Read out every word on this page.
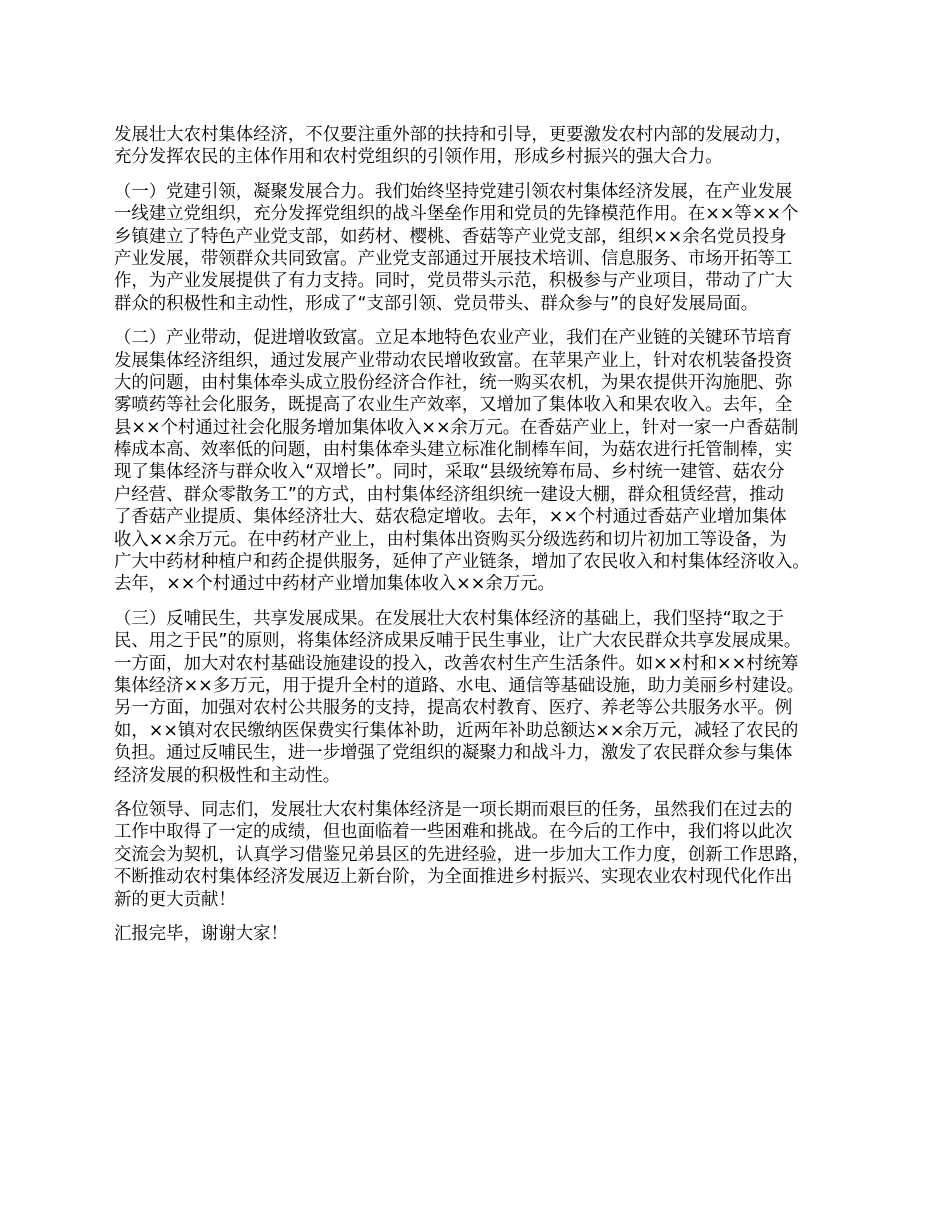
发展壮大农村集体经济，不仅要注重外部的扶持和引导，更要激发农村内部的发展动力，
充分发挥农民的主体作用和农村党组织的引领作用，形成乡村振兴的强大合力。
（一）党建引领，凝聚发展合力。我们始终坚持党建引领农村集体经济发展，在产业发展
一线建立党组织，充分发挥党组织的战斗堡垒作用和党员的先锋模范作用。在××等××个
乡镇建立了特色产业党支部，如药材、樱桃、香菇等产业党支部，组织××余名党员投身
产业发展，带领群众共同致富。产业党支部通过开展技术培训、信息服务、市场开拓等工
作，为产业发展提供了有力支持。同时，党员带头示范，积极参与产业项目，带动了广大
群众的积极性和主动性，形成了“支部引领、党员带头、群众参与”的良好发展局面。
（二）产业带动，促进增收致富。立足本地特色农业产业，我们在产业链的关键环节培育
发展集体经济组织，通过发展产业带动农民增收致富。在苹果产业上，针对农机装备投资
大的问题，由村集体牵头成立股份经济合作社，统一购买农机，为果农提供开沟施肥、弥
雾喷药等社会化服务，既提高了农业生产效率，又增加了集体收入和果农收入。去年，全
县××个村通过社会化服务增加集体收入××余万元。在香菇产业上，针对一家一户香菇制
棒成本高、效率低的问题，由村集体牵头建立标准化制棒车间，为菇农进行托管制棒，实
现了集体经济与群众收入“双增长”。同时，采取“县级统筹布局、乡村统一建管、菇农分
户经营、群众零散务工”的方式，由村集体经济组织统一建设大棚，群众租赁经营，推动
了香菇产业提质、集体经济壮大、菇农稳定增收。去年，××个村通过香菇产业增加集体
收入××余万元。在中药材产业上，由村集体出资购买分级选药和切片初加工等设备，为
广大中药材种植户和药企提供服务，延伸了产业链条，增加了农民收入和村集体经济收入。
去年，××个村通过中药材产业增加集体收入××余万元。
（三）反哺民生，共享发展成果。在发展壮大农村集体经济的基础上，我们坚持“取之于
民、用之于民”的原则，将集体经济成果反哺于民生事业，让广大农民群众共享发展成果。
一方面，加大对农村基础设施建设的投入，改善农村生产生活条件。如××村和××村统筹
集体经济××多万元，用于提升全村的道路、水电、通信等基础设施，助力美丽乡村建设。
另一方面，加强对农村公共服务的支持，提高农村教育、医疗、养老等公共服务水平。例
如，××镇对农民缴纳医保费实行集体补助，近两年补助总额达××余万元，减轻了农民的
负担。通过反哺民生，进一步增强了党组织的凝聚力和战斗力，激发了农民群众参与集体
经济发展的积极性和主动性。
各位领导、同志们，发展壮大农村集体经济是一项长期而艰巨的任务，虽然我们在过去的
工作中取得了一定的成绩，但也面临着一些困难和挑战。在今后的工作中，我们将以此次
交流会为契机，认真学习借鉴兄弟县区的先进经验，进一步加大工作力度，创新工作思路，
不断推动农村集体经济发展迈上新台阶，为全面推进乡村振兴、实现农业农村现代化作出
新的更大贡献！
汇报完毕，谢谢大家！
